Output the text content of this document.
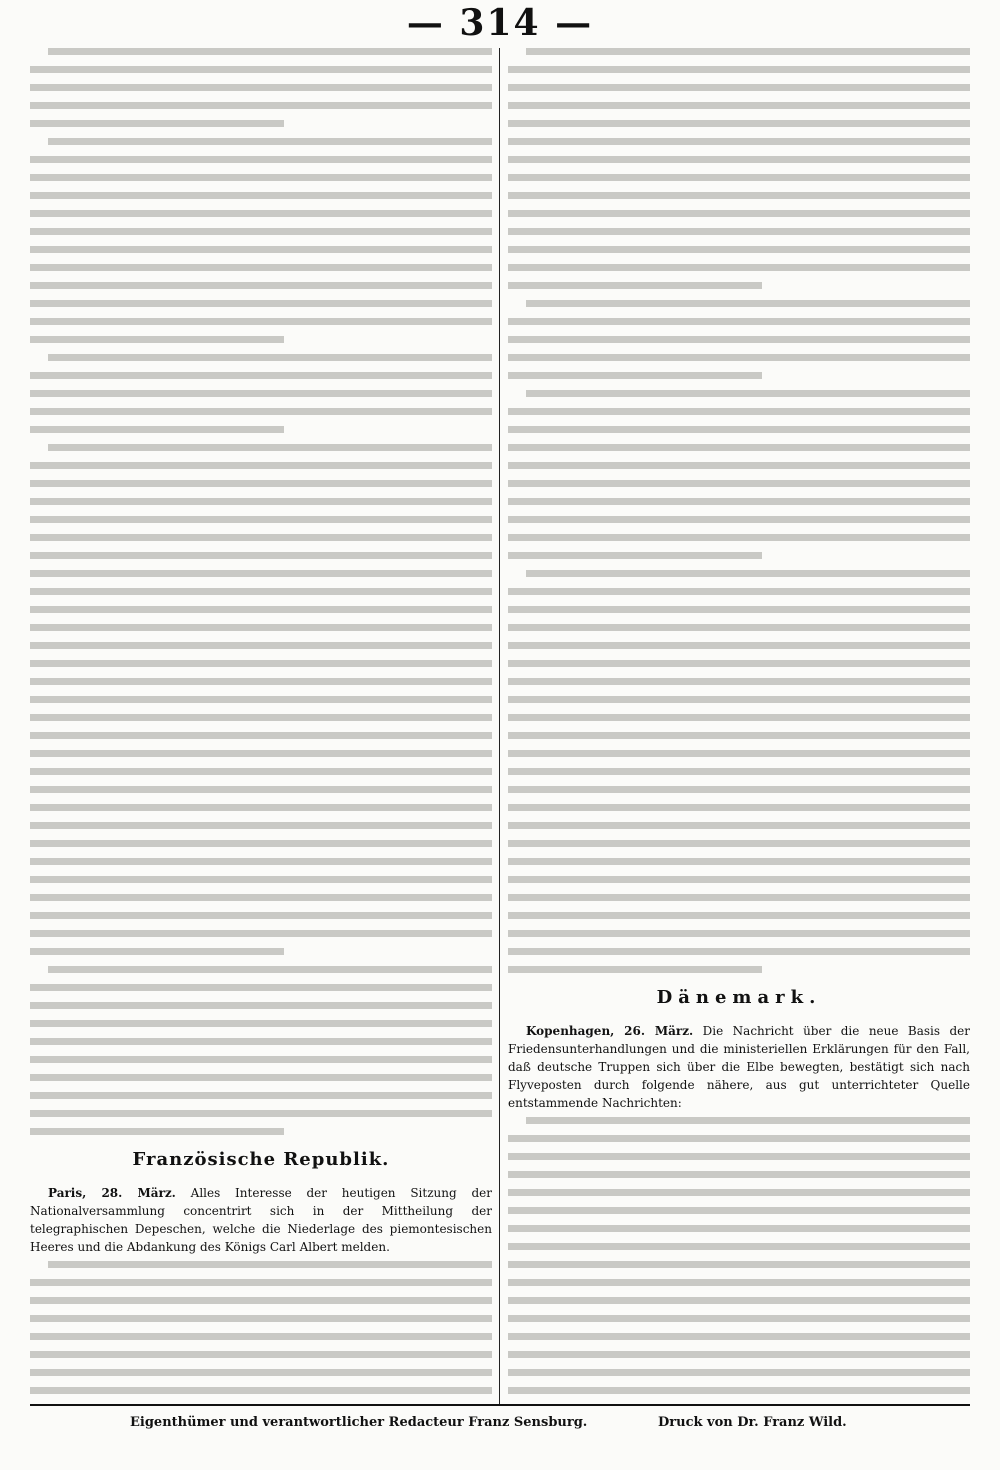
— 314 —
Französische Republik.

Paris, 28. März. Alles Interesse der heutigen Sitzung der Nationalversammlung concentrirt sich in der Mittheilung der telegraphischen Depeschen, welche die Niederlage des piemontesischen Heeres und die Abdankung des Königs Carl Albert melden.

Dänemark.

Kopenhagen, 26. März. Die Nachricht über die neue Basis der Friedensunterhandlungen und die ministeriellen Erklärungen für den Fall, daß deutsche Truppen sich über die Elbe bewegten, bestätigt sich nach Flyveposten durch folgende nähere, aus gut unterrichteter Quelle entstammende Nachrichten:

Eigenthümer und verantwortlicher Redacteur Franz Sensburg.	Druck von Dr. Franz Wild.
